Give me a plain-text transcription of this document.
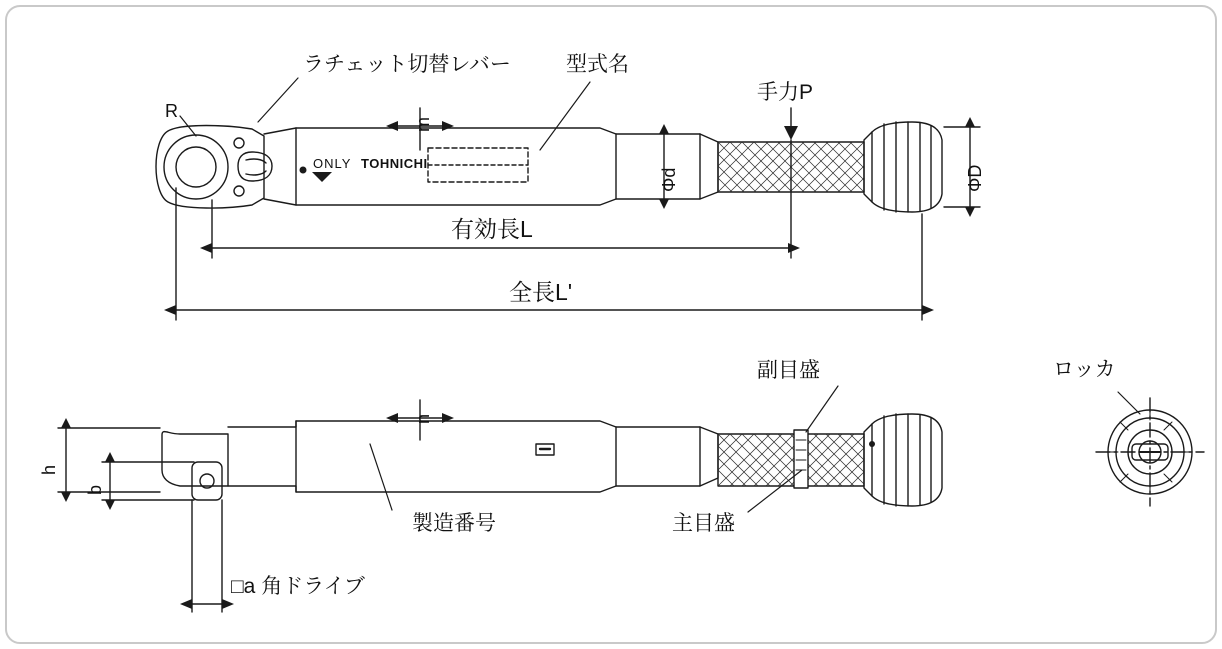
ラチェット切替レバー	型式名
手力P
R
m
Φd	ΦD
有効長L
全長L'
ONLY TOHNICHI
副目盛	ロッカ
n
h
b
製造番号	主目盛
□a 角ドライブ
